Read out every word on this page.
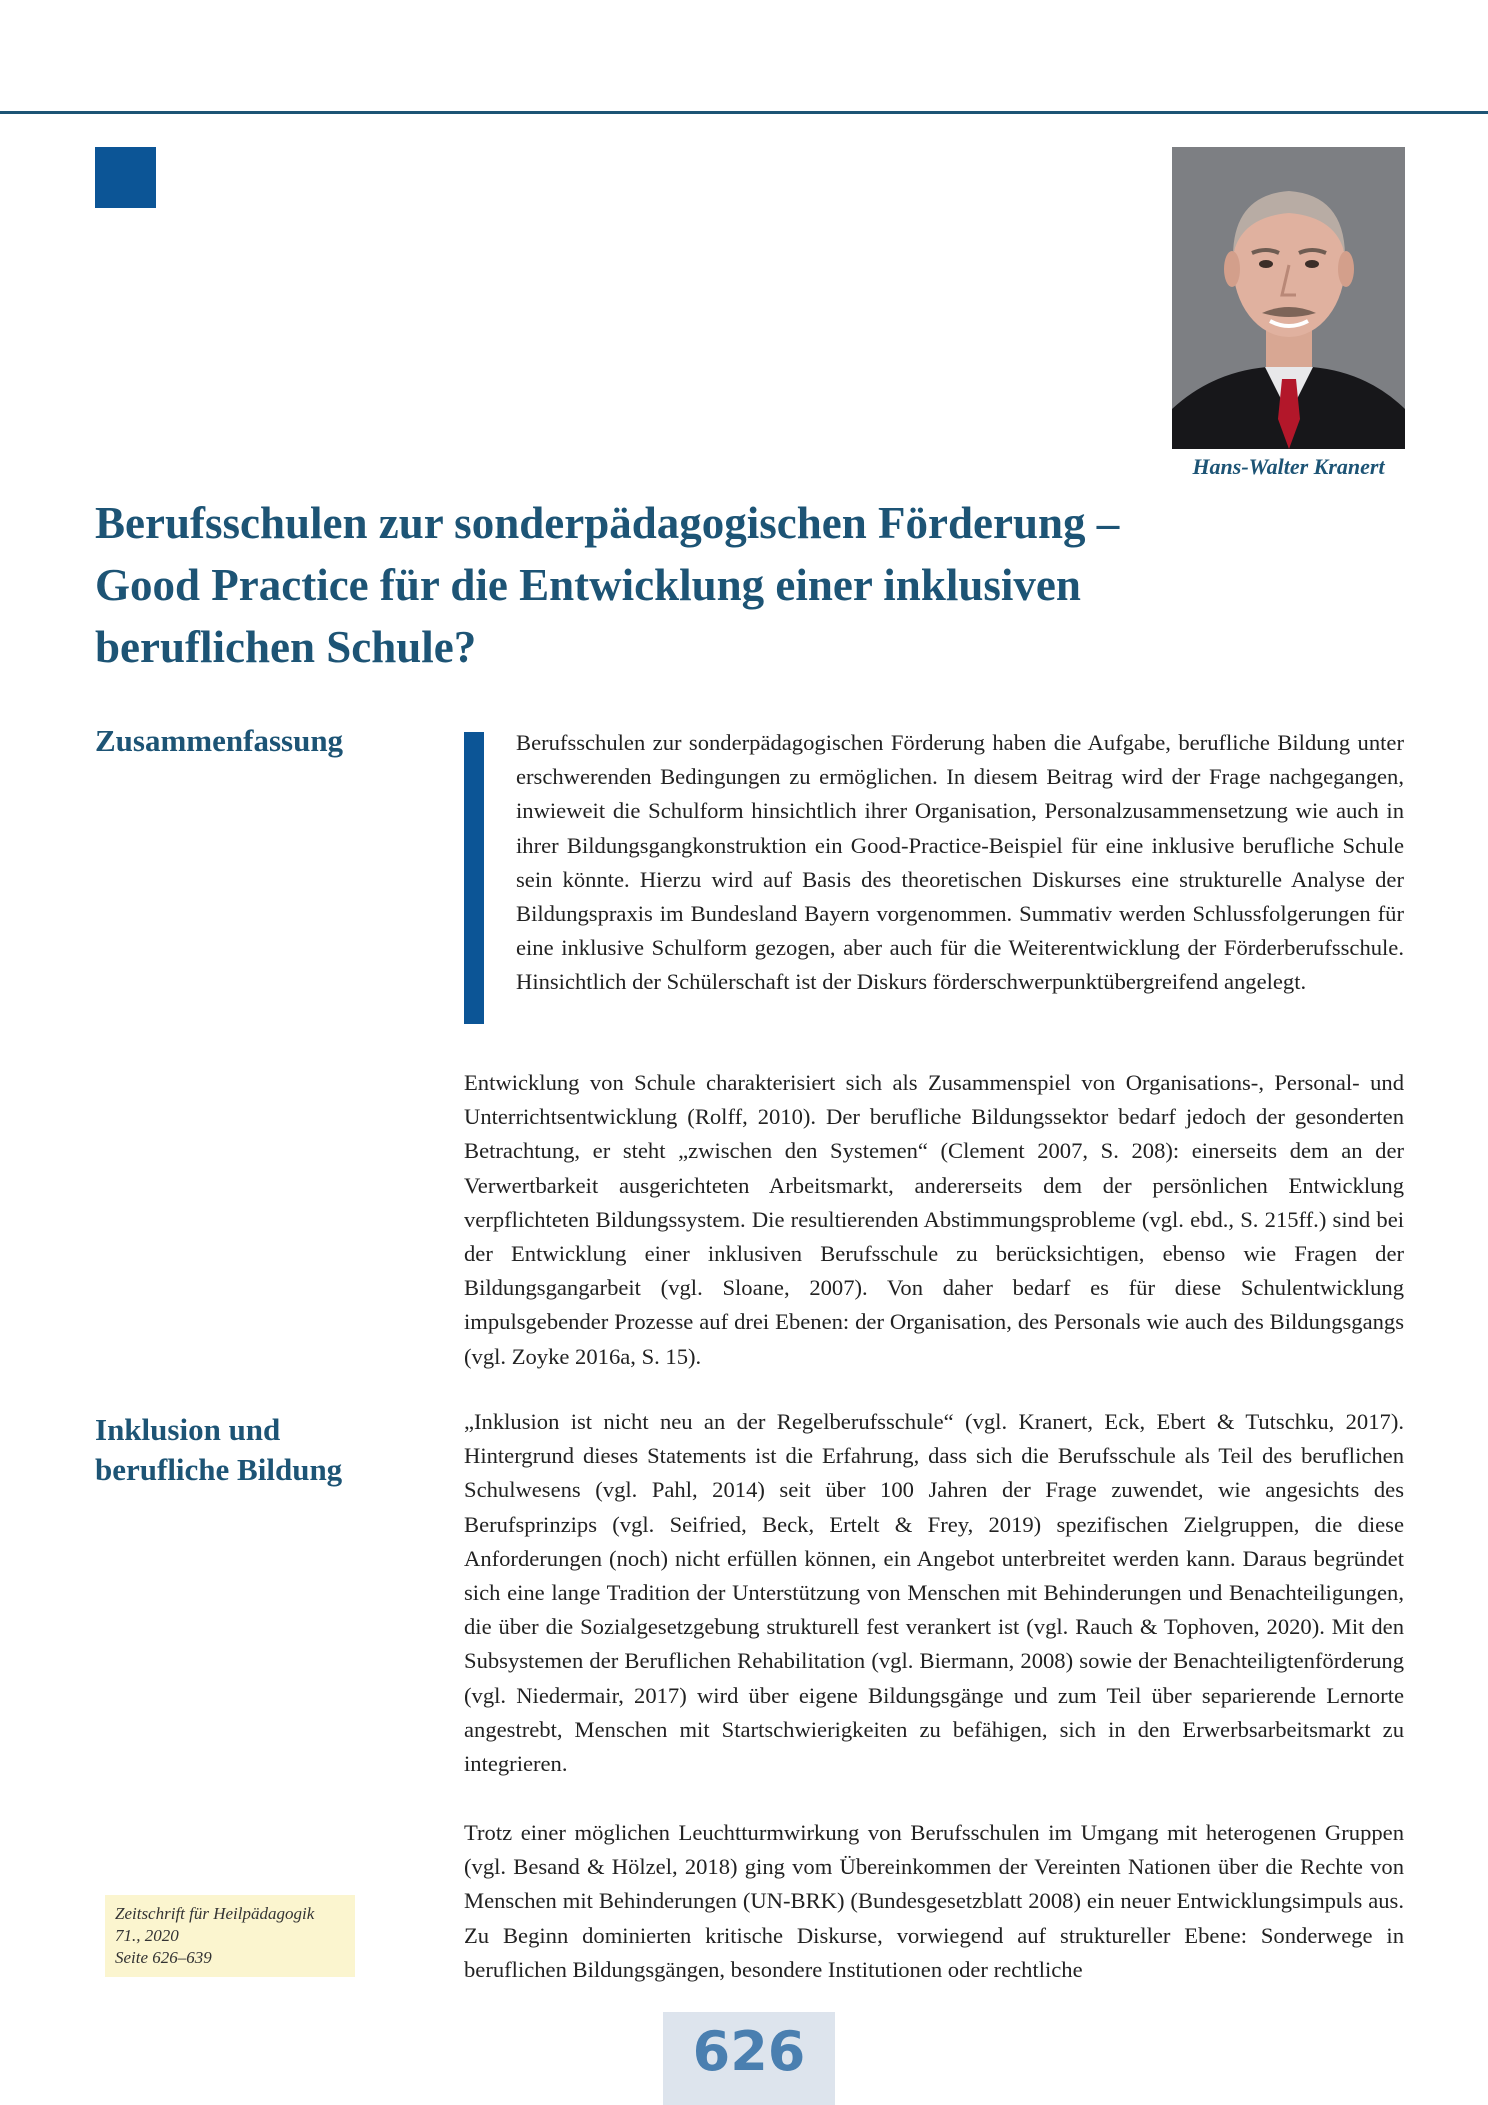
Hans-Walter Kranert
Berufsschulen zur sonderpädagogischen Förderung – Good Practice für die Entwicklung einer inklusiven beruflichen Schule?
Zusammenfassung	Berufsschulen zur sonderpädagogischen Förderung haben die Aufgabe, berufliche Bildung unter erschwerenden Bedingungen zu ermöglichen. In diesem Beitrag wird der Frage nachgegangen, inwieweit die Schulform hinsichtlich ihrer Organisation, Personalzusammensetzung wie auch in ihrer Bildungsgangkonstruktion ein Good-Practice-Beispiel für eine inklusive berufliche Schule sein könnte. Hierzu wird auf Basis des theoretischen Diskurses eine strukturelle Analyse der Bildungspraxis im Bundesland Bayern vorgenommen. Summativ werden Schlussfolgerungen für eine inklusive Schulform gezogen, aber auch für die Weiterentwicklung der Förderberufsschule. Hinsichtlich der Schülerschaft ist der Diskurs förderschwerpunktübergreifend angelegt.

Entwicklung von Schule charakterisiert sich als Zusammenspiel von Organisations-, Personal- und Unterrichtsentwicklung (Rolff, 2010). Der berufliche Bildungssektor bedarf jedoch der gesonderten Betrachtung, er steht „zwischen den Systemen“ (Clement 2007, S. 208): einerseits dem an der Verwertbarkeit ausgerichteten Arbeitsmarkt, andererseits dem der persönlichen Entwicklung verpflichteten Bildungssystem. Die resultierenden Abstimmungsprobleme (vgl. ebd., S. 215ff.) sind bei der Entwicklung einer inklusiven Berufsschule zu berücksichtigen, ebenso wie Fragen der Bildungsgangarbeit (vgl. Sloane, 2007). Von daher bedarf es für diese Schulentwicklung impulsgebender Prozesse auf drei Ebenen: der Organisation, des Personals wie auch des Bildungsgangs (vgl. Zoyke 2016a, S. 15).

Inklusion und
berufliche Bildung

„Inklusion ist nicht neu an der Regelberufsschule“ (vgl. Kranert, Eck, Ebert & Tutschku, 2017). Hintergrund dieses Statements ist die Erfahrung, dass sich die Berufsschule als Teil des beruflichen Schulwesens (vgl. Pahl, 2014) seit über 100 Jahren der Frage zuwendet, wie angesichts des Berufsprinzips (vgl. Seifried, Beck, Ertelt & Frey, 2019) spezifischen Zielgruppen, die diese Anforderungen (noch) nicht erfüllen können, ein Angebot unterbreitet werden kann. Daraus begründet sich eine lange Tradition der Unterstützung von Menschen mit Behinderungen und Benachteiligungen, die über die Sozialgesetzgebung strukturell fest verankert ist (vgl. Rauch & Tophoven, 2020). Mit den Subsystemen der Beruflichen Rehabilitation (vgl. Biermann, 2008) sowie der Benachteiligtenförderung (vgl. Niedermair, 2017) wird über eigene Bildungsgänge und zum Teil über separierende Lernorte angestrebt, Menschen mit Startschwierigkeiten zu befähigen, sich in den Erwerbsarbeitsmarkt zu integrieren.

Trotz einer möglichen Leuchtturmwirkung von Berufsschulen im Umgang mit heterogenen Gruppen (vgl. Besand & Hölzel, 2018) ging vom Übereinkommen der Vereinten Nationen über die Rechte von Menschen mit Behinderungen (UN-BRK) (Bundesgesetzblatt 2008) ein neuer Entwicklungsimpuls aus. Zu Beginn dominierten kritische Diskurse, vorwiegend auf struktureller Ebene: Sonderwege in beruflichen Bildungsgängen, besondere Institutionen oder rechtliche

Zeitschrift für Heilpädagogik
71., 2020
Seite 626–639
626
